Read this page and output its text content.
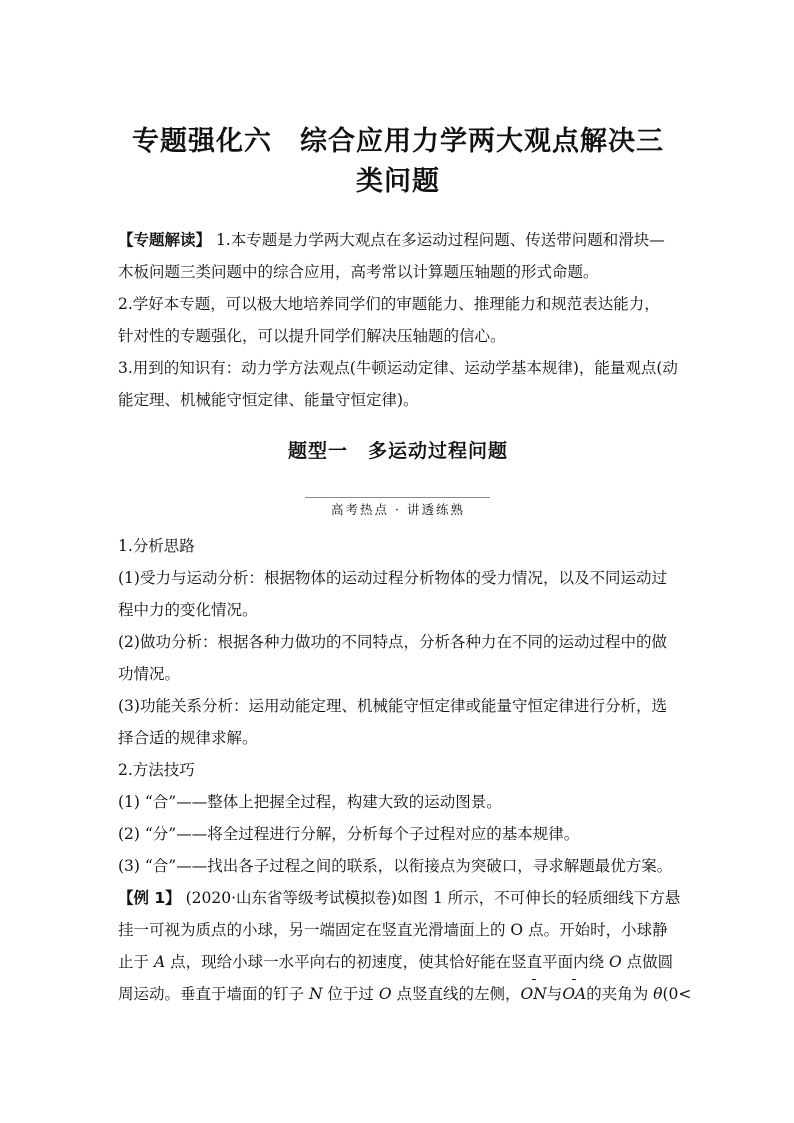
专题强化六　综合应用力学两大观点解决三
类问题
【专题解读】 1.本专题是力学两大观点在多运动过程问题、传送带问题和滑块—
木板问题三类问题中的综合应用，高考常以计算题压轴题的形式命题。
2.学好本专题，可以极大地培养同学们的审题能力、推理能力和规范表达能力，
针对性的专题强化，可以提升同学们解决压轴题的信心。
3.用到的知识有：动力学方法观点(牛顿运动定律、运动学基本规律)，能量观点(动
能定理、机械能守恒定律、能量守恒定律)。
题型一　多运动过程问题
高考热点 · 讲透练熟
1.分析思路
(1)受力与运动分析：根据物体的运动过程分析物体的受力情况，以及不同运动过
程中力的变化情况。
(2)做功分析：根据各种力做功的不同特点，分析各种力在不同的运动过程中的做
功情况。
(3)功能关系分析：运用动能定理、机械能守恒定律或能量守恒定律进行分析，选
择合适的规律求解。
2.方法技巧
(1) “合”——整体上把握全过程，构建大致的运动图景。
(2) “分”——将全过程进行分解，分析每个子过程对应的基本规律。
(3) “合”——找出各子过程之间的联系，以衔接点为突破口，寻求解题最优方案。
【例 1】 (2020·山东省等级考试模拟卷)如图 1 所示，不可伸长的轻质细线下方悬
挂一可视为质点的小球，另一端固定在竖直光滑墙面上的 O 点。开始时，小球静
止于 A 点，现给小球一水平向右的初速度，使其恰好能在竖直平面内绕 O 点做圆
周运动。垂直于墙面的钉子 N 位于过 O 点竖直线的左侧，ON与OA的夹角为 θ(0<
